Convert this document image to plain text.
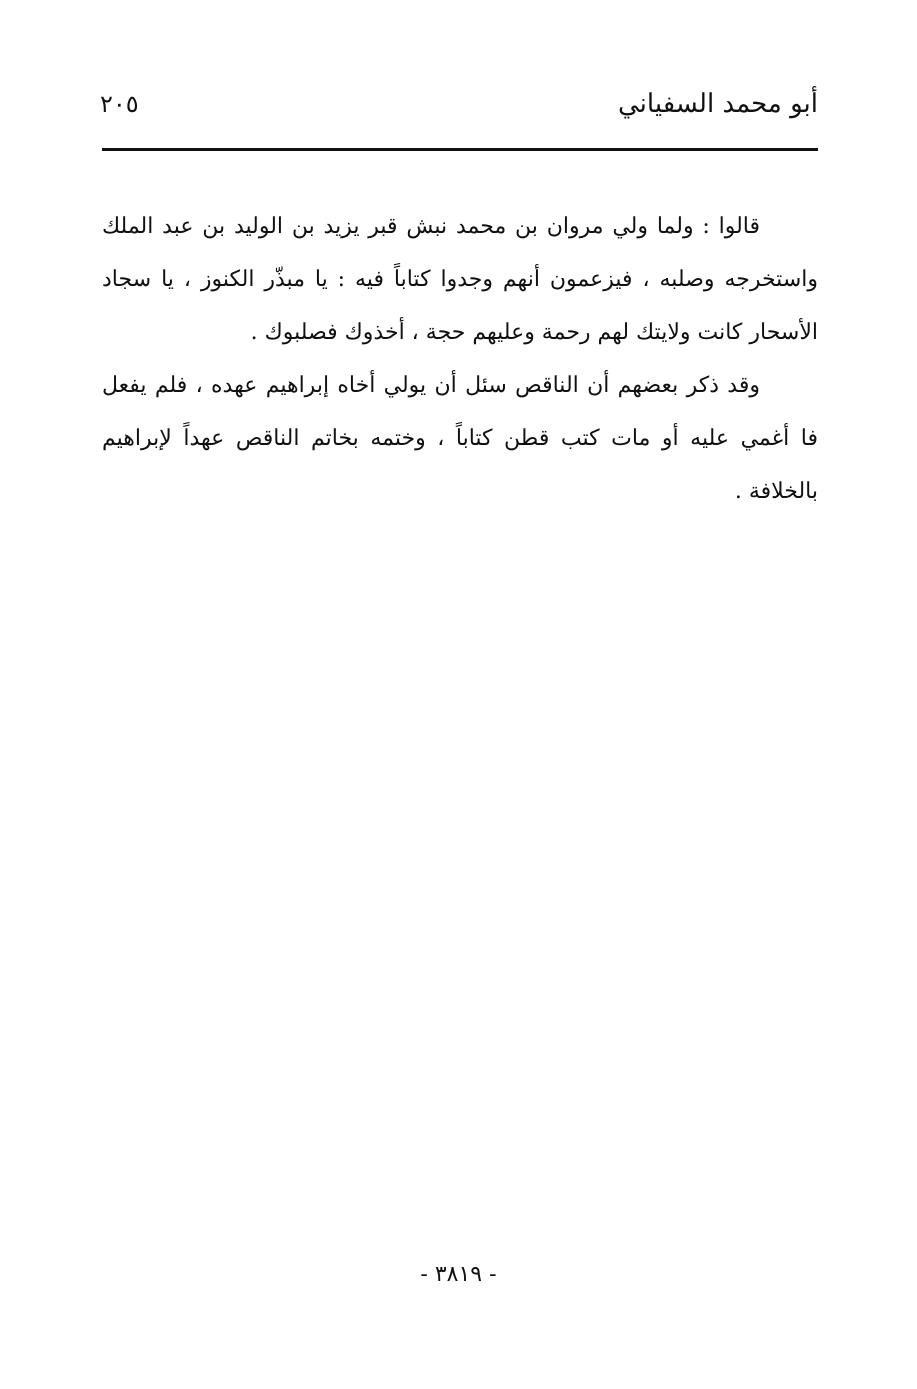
أبو محمد السفياني
٢٠٥

قالوا : ولما ولي مروان بن محمد نبش قبر يزيد بن الوليد بن عبد الملك واستخرجه وصلبه ، فيزعمون أنهم وجدوا كتاباً فيه : يا مبذّر الكنوز ، يا سجاد الأسحار كانت ولايتك لهم رحمة وعليهم حجة ، أخذوك فصلبوك .

وقد ذكر بعضهم أن الناقص سئل أن يولي أخاه إبراهيم عهده ، فلم يفعل فا أغمي عليه أو مات كتب قطن كتاباً ، وختمه بخاتم الناقص عهداً لإبراهيم بالخلافة .

- ٣٨١٩ -
